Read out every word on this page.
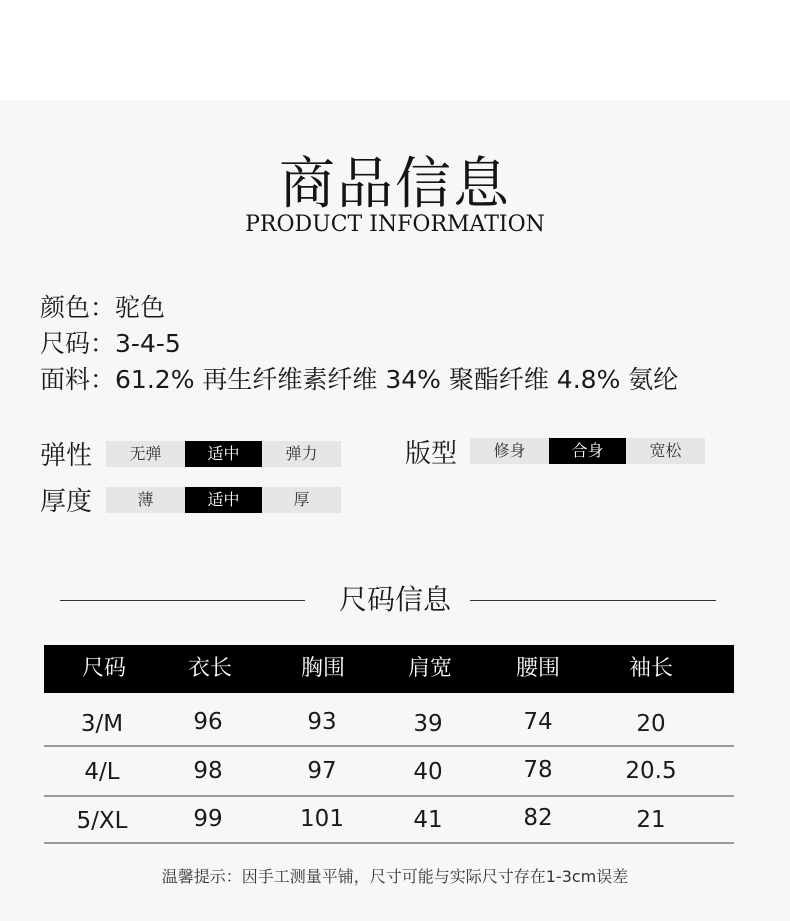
商品信息
PRODUCT INFORMATION
颜色：驼色
尺码：3-4-5
面料：61.2% 再生纤维素纤维 34% 聚酯纤维 4.8% 氨纶
弹性	无弹	适中	弹力	版型	修身	合身	宽松
厚度	薄	适中	厚
尺码信息
尺码	衣长	胸围	肩宽	腰围	袖长
3/M	96	93	39	74	20
4/L	98	97	40	78	20.5
5/XL	99	101	41	82	21
温馨提示：因手工测量平铺，尺寸可能与实际尺寸存在1-3cm误差
